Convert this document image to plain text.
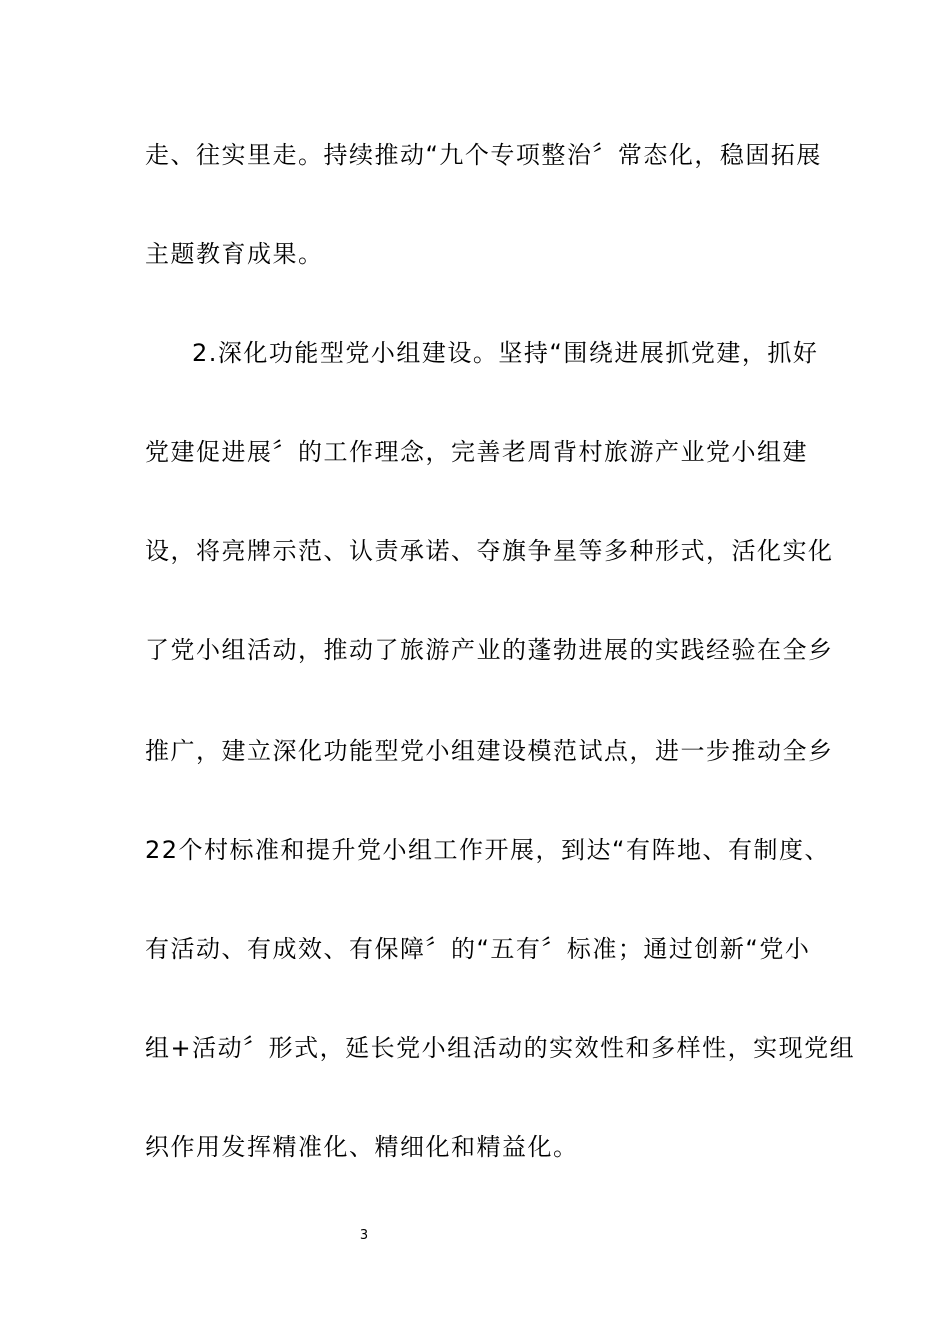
走、往实里走。持续推动“九个专项整治〞常态化，稳固拓展
主题教育成果。
2.深化功能型党小组建设。坚持“围绕进展抓党建，抓好
党建促进展〞的工作理念，完善老周背村旅游产业党小组建
设，将亮牌示范、认责承诺、夺旗争星等多种形式，活化实化
了党小组活动，推动了旅游产业的蓬勃进展的实践经验在全乡
推广，建立深化功能型党小组建设模范试点，进一步推动全乡
22个村标准和提升党小组工作开展，到达“有阵地、有制度、
有活动、有成效、有保障〞的“五有〞标准；通过创新“党小
组+活动〞形式，延长党小组活动的实效性和多样性，实现党组
织作用发挥精准化、精细化和精益化。
3
